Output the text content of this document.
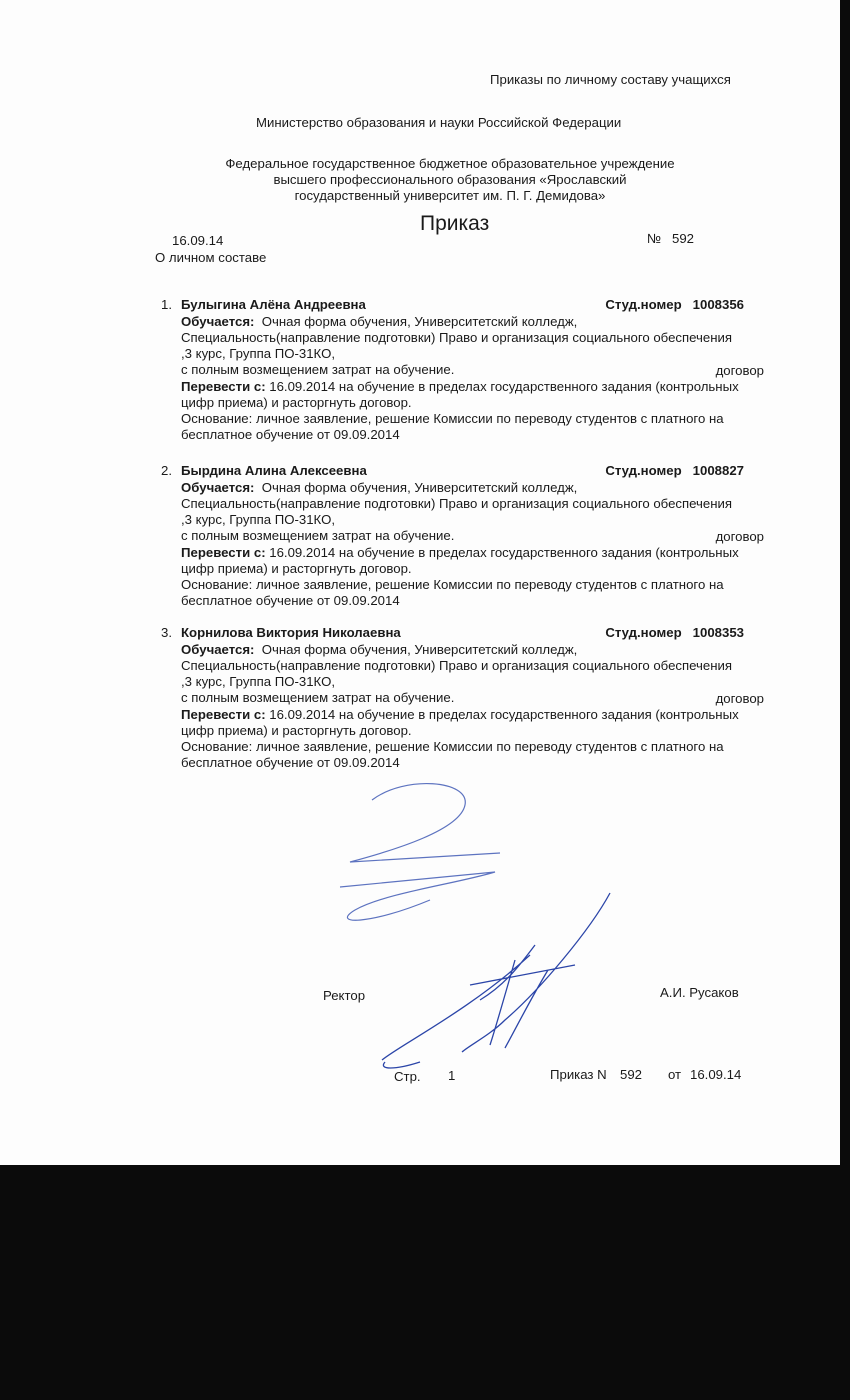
Приказы по личному составу учащихся
Министерство образования и науки Российской Федерации
Федеральное государственное бюджетное образовательное учреждение
высшего профессионального образования «Ярославский
государственный университет им. П. Г. Демидова»
Приказ
16.09.14	№ 592
О личном составе
1. Булыгина Алёна Андреевна	Студ.номер 1008356
Обучается: Очная форма обучения, Университетский колледж,
Специальность(направление подготовки) Право и организация социального обеспечения
,3 курс, Группа ПО-31КО,
с полным возмещением затрат на обучение.	договор
Перевести с: 16.09.2014 на обучение в пределах государственного задания (контрольных
цифр приема) и расторгнуть договор.
Основание: личное заявление, решение Комиссии по переводу студентов с платного на
бесплатное обучение от 09.09.2014
2. Бырдина Алина Алексеевна	Студ.номер 1008827
Обучается: Очная форма обучения, Университетский колледж,
Специальность(направление подготовки) Право и организация социального обеспечения
,3 курс, Группа ПО-31КО,
с полным возмещением затрат на обучение.	договор
Перевести с: 16.09.2014 на обучение в пределах государственного задания (контрольных
цифр приема) и расторгнуть договор.
Основание: личное заявление, решение Комиссии по переводу студентов с платного на
бесплатное обучение от 09.09.2014
3. Корнилова Виктория Николаевна	Студ.номер 1008353
Обучается: Очная форма обучения, Университетский колледж,
Специальность(направление подготовки) Право и организация социального обеспечения
,3 курс, Группа ПО-31КО,
с полным возмещением затрат на обучение.	договор
Перевести с: 16.09.2014 на обучение в пределах государственного задания (контрольных
цифр приема) и расторгнуть договор.
Основание: личное заявление, решение Комиссии по переводу студентов с платного на
бесплатное обучение от 09.09.2014
Ректор	А.И. Русаков
Стр. 1	Приказ N 592 от 16.09.14
